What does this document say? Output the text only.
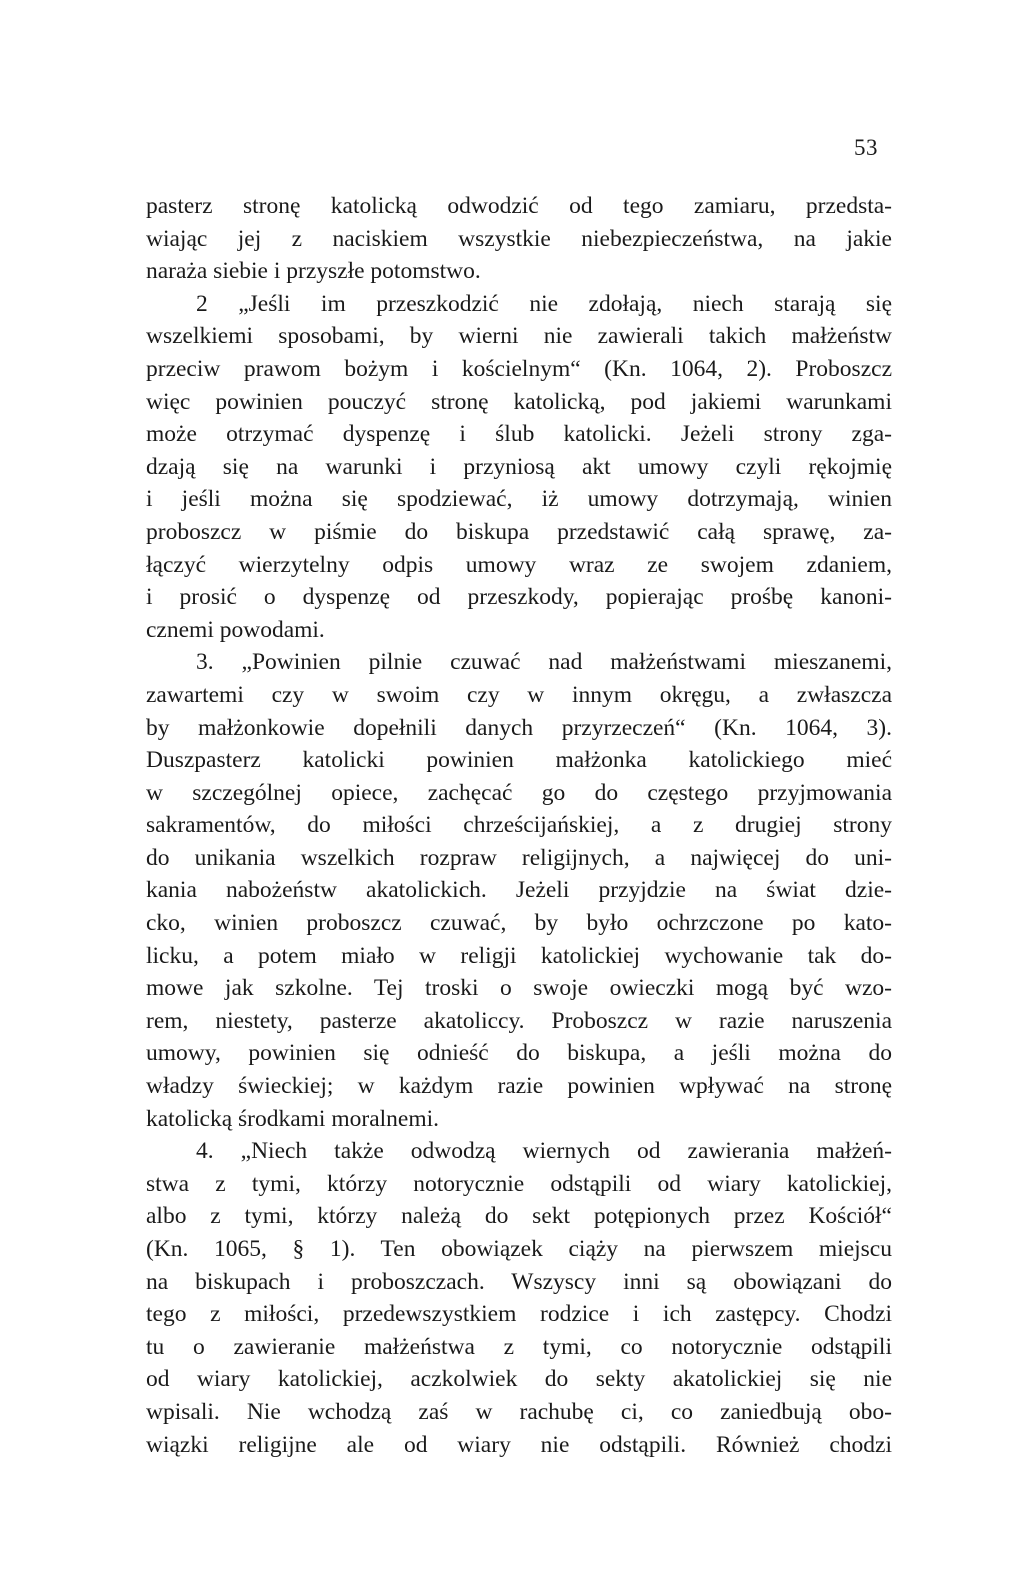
53
pasterz stronę katolicką odwodzić od tego zamiaru, przedsta-
wiając jej z naciskiem wszystkie niebezpieczeństwa, na jakie
naraża siebie i przyszłe potomstwo.
2 „Jeśli im przeszkodzić nie zdołają, niech starają się
wszelkiemi sposobami, by wierni nie zawierali takich małżeństw
przeciw prawom bożym i kościelnym“ (Kn. 1064, 2). Proboszcz
więc powinien pouczyć stronę katolicką, pod jakiemi warunkami
może otrzymać dyspenzę i ślub katolicki. Jeżeli strony zga-
dzają się na warunki i przyniosą akt umowy czyli rękojmię
i jeśli można się spodziewać, iż umowy dotrzymają, winien
proboszcz w piśmie do biskupa przedstawić całą sprawę, za-
łączyć wierzytelny odpis umowy wraz ze swojem zdaniem,
i prosić o dyspenzę od przeszkody, popierając prośbę kanoni-
cznemi powodami.
3. „Powinien pilnie czuwać nad małżeństwami mieszanemi,
zawartemi czy w swoim czy w innym okręgu, a zwłaszcza
by małżonkowie dopełnili danych przyrzeczeń“ (Kn. 1064, 3).
Duszpasterz katolicki powinien małżonka katolickiego mieć
w szczególnej opiece, zachęcać go do częstego przyjmowania
sakramentów, do miłości chrześcijańskiej, a z drugiej strony
do unikania wszelkich rozpraw religijnych, a najwięcej do uni-
kania nabożeństw akatolickich. Jeżeli przyjdzie na świat dzie-
cko, winien proboszcz czuwać, by było ochrzczone po kato-
licku, a potem miało w religji katolickiej wychowanie tak do-
mowe jak szkolne. Tej troski o swoje owieczki mogą być wzo-
rem, niestety, pasterze akatoliccy. Proboszcz w razie naruszenia
umowy, powinien się odnieść do biskupa, a jeśli można do
władzy świeckiej; w każdym razie powinien wpływać na stronę
katolicką środkami moralnemi.
4. „Niech także odwodzą wiernych od zawierania małżeń-
stwa z tymi, którzy notorycznie odstąpili od wiary katolickiej,
albo z tymi, którzy należą do sekt potępionych przez Kościół“
(Kn. 1065, § 1). Ten obowiązek ciąży na pierwszem miejscu
na biskupach i proboszczach. Wszyscy inni są obowiązani do
tego z miłości, przedewszystkiem rodzice i ich zastępcy. Chodzi
tu o zawieranie małżeństwa z tymi, co notorycznie odstąpili
od wiary katolickiej, aczkolwiek do sekty akatolickiej się nie
wpisali. Nie wchodzą zaś w rachubę ci, co zaniedbują obo-
wiązki religijne ale od wiary nie odstąpili. Również chodzi
